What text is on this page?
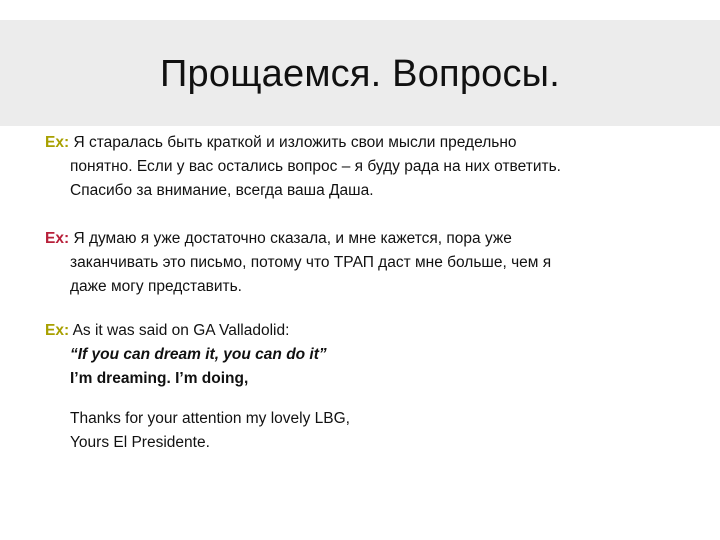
Прощаемся. Вопросы.
Ex: Я старалась быть краткой и изложить свои мысли предельно
понятно. Если у вас остались вопрос – я буду рада на них ответить.
Спасибо за внимание, всегда ваша Даша.
Ex: Я думаю я уже достаточно сказала, и мне кажется, пора уже
заканчивать это письмо, потому что ТРАП даст мне больше, чем я
даже могу представить.
Ex: As it was said on GA Valladolid:
“If you can dream it, you can do it”
I’m dreaming. I’m doing,
Thanks for your attention my lovely LBG,
Yours El Presidente.
